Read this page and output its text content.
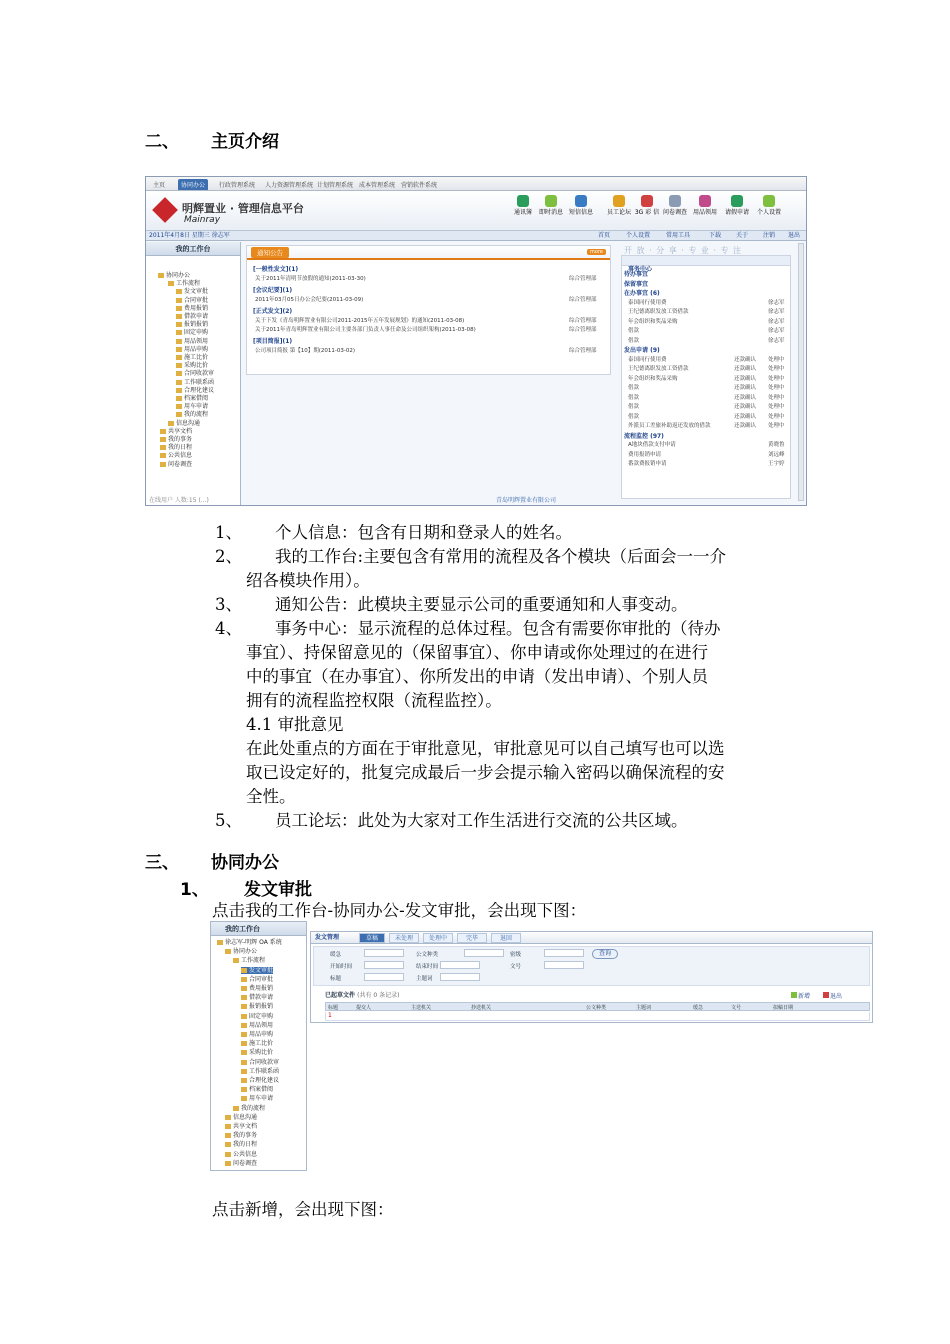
二、 主页介绍
主页	协同办公	行政管理系统	人力资源管理系统 计划管理系统 成本管理系统 营销软件系统
明辉置业 · 管理信息平台
Mainray
通讯簿	即时消息 短信信息 员工论坛 3G 彩 信 问卷调查 用品领用 请假申请 个人设置
2011年4月8日 星期三 徐志军	首页	个人设置	常用工具	下载 关于 注销 退出
我的工作台
协同办公
工作流程
发文审批
合同审批
费用报销
借款申请
报销报销
固定申购
用品领用
用品申购
施工比价
采购比价
合同收款审
工作联系函
合理化建议
档案借阅
用车申请
我的流程
信息沟通
共享文档
我的事务
我的日程
公共信息
问卷调查
通知公告	more
[一般性发文](1)
关于2011年清明节放假的通知(2011-03-30)	综合管理部
[会议纪要](1)
2011年03月05日办公会纪要(2011-03-09)	综合管理部
[正式发文](2)
关于下发《青岛明辉置业有限公司2011-2015年五年发展规划》的通知(2011-03-08)	综合管理部
关于2011年青岛明辉置业有限公司主要各部门负责人事任命及公司组织架构(2011-03-08)	综合管理部
[项目简报](1)
公司项目简报 第【10】期(2011-03-02)	综合管理部
开 放 · 分 享 · 专 业 · 专 注
事务中心
待办事宜
保留事宜
在办事宜 (6)
泰国同行使用费	徐志军
王纪德离职发放工资借款	徐志军
年会组织和奖品采购	徐志军
借款	徐志军
借款	徐志军
发出申请 (9)
泰国同行使用费	还款确认 处理中
王纪德离职发放工资借款	还款确认 处理中
年会组织和奖品采购	还款确认 处理中
借款	还款确认 处理中
借款	还款确认 处理中
借款	还款确认 处理中
借款	还款确认 处理中
外派员工差旅补助返还发放的借款	还款确认 处理中
流程监控 (97)
A地块借款支付申请	黄晓鲁
费用报销申请	刘远峰
番款费报销申请	王宇婷
在线用户 人数:15 (...)	青岛明辉置业有限公司
1、 个人信息：包含有日期和登录人的姓名。
2、 我的工作台:主要包含有常用的流程及各个模块（后面会一一介
绍各模块作用）。
3、 通知公告：此模块主要显示公司的重要通知和人事变动。
4、 事务中心：显示流程的总体过程。包含有需要你审批的（待办
事宜）、持保留意见的（保留事宜）、你申请或你处理过的在进行
中的事宜（在办事宜）、你所发出的申请（发出申请）、个别人员
拥有的流程监控权限（流程监控）。
4.1 审批意见
在此处重点的方面在于审批意见，审批意见可以自己填写也可以选
取已设定好的，批复完成最后一步会提示输入密码以确保流程的安
全性。
5、 员工论坛：此处为大家对工作生活进行交流的公共区域。
三、 协同办公
1、 发文审批
点击我的工作台-协同办公-发文审批，会出现下图：
我的工作台
徐志军-明辉 OA 系统
协同办公
工作流程
发文审批
合同审批
费用报销
借款申请
报销报销
固定申购
用品领用
用品申购
施工比价
采购比价
合同收款审
工作联系函
合理化建议
档案借阅
用车申请
我的流程
信息沟通
共享文档
我的事务
我的日程
公共信息
问卷调查
发文管理	草稿	未处理	处理中	完毕	退回
缓急	公文种类	密级	查询
开始时间	结束时间	文号
标题	主题词
已起草文件 (共有 0 条记录)	新增	退出
标题	提交人	主送机关	抄送机关	公文种类	主题词	缓急	文号	拟稿日期
1
点击新增，会出现下图：
